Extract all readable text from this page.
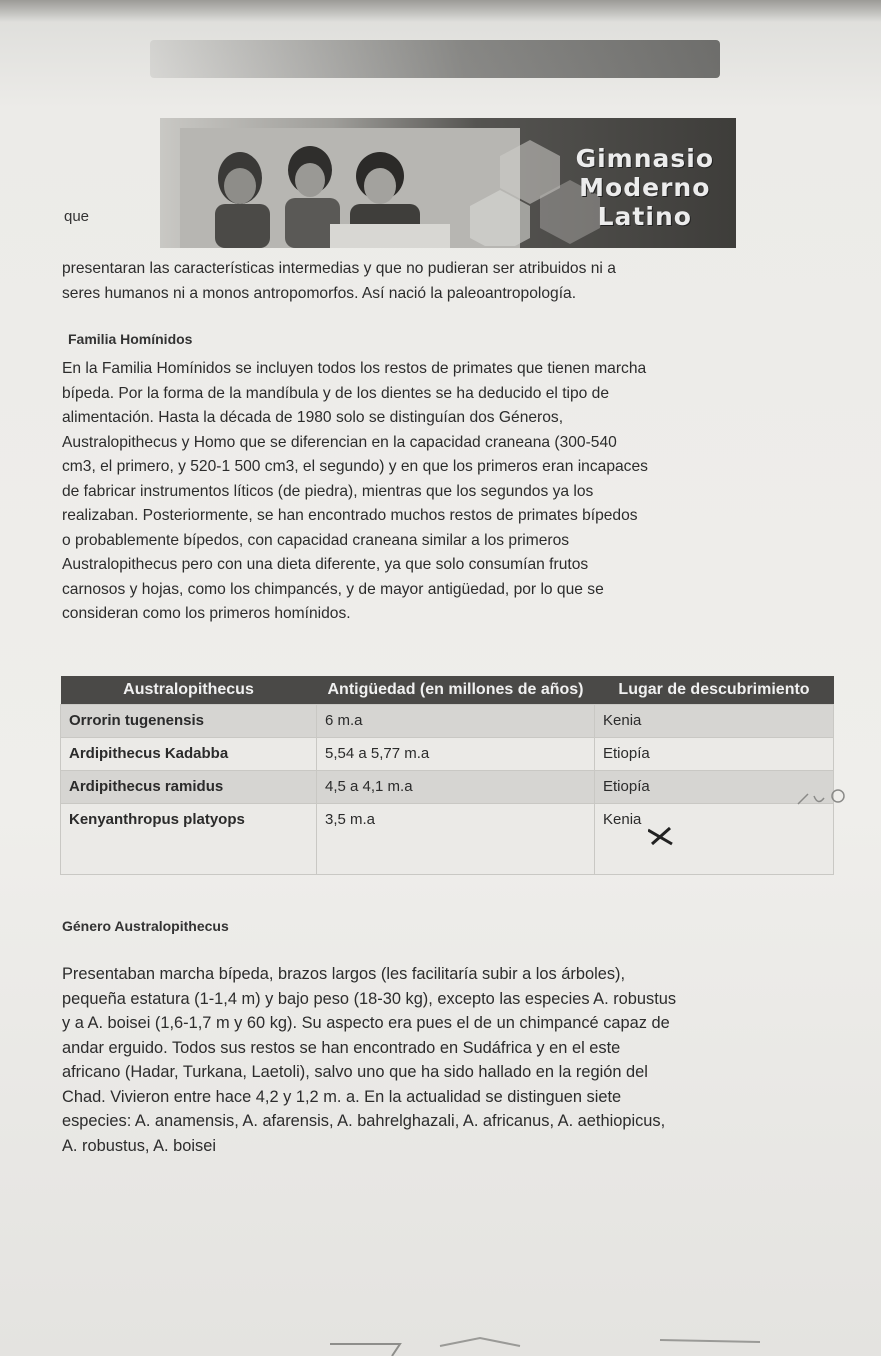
Gimnasio
Moderno
Latino
que
presentaran las características intermedias y que no pudieran ser atribuidos ni a
seres humanos ni a monos antropomorfos. Así nació la paleoantropología.
Familia Homínidos
En la Familia Homínidos se incluyen todos los restos de primates que tienen marcha
bípeda. Por la forma de la mandíbula y de los dientes se ha deducido el tipo de
alimentación. Hasta la década de 1980 solo se distinguían dos Géneros,
Australopithecus y Homo que se diferencian en la capacidad craneana (300-540
cm3, el primero, y 520-1 500 cm3, el segundo) y en que los primeros eran incapaces
de fabricar instrumentos líticos (de piedra), mientras que los segundos ya los
realizaban. Posteriormente, se han encontrado muchos restos de primates bípedos
o probablemente bípedos, con capacidad craneana similar a los primeros
Australopithecus pero con una dieta diferente, ya que solo consumían frutos
carnosos y hojas, como los chimpancés, y de mayor antigüedad, por lo que se
consideran como los primeros homínidos.
Australopithecus	Antigüedad (en millones de años)	Lugar de descubrimiento
Orrorin tugenensis	6 m.a	Kenia
Ardipithecus Kadabba	5,54 a 5,77 m.a	Etiopía
Ardipithecus ramidus	4,5 a 4,1 m.a	Etiopía
Kenyanthropus platyops	3,5 m.a	Kenia
Género Australopithecus
Presentaban marcha bípeda, brazos largos (les facilitaría subir a los árboles),
pequeña estatura (1-1,4 m) y bajo peso (18-30 kg), excepto las especies A. robustus
y a A. boisei (1,6-1,7 m y 60 kg). Su aspecto era pues el de un chimpancé capaz de
andar erguido. Todos sus restos se han encontrado en Sudáfrica y en el este
africano (Hadar, Turkana, Laetoli), salvo uno que ha sido hallado en la región del
Chad. Vivieron entre hace 4,2 y 1,2 m. a. En la actualidad se distinguen siete
especies: A. anamensis, A. afarensis, A. bahrelghazali, A. africanus, A. aethiopicus,
A. robustus, A. boisei
